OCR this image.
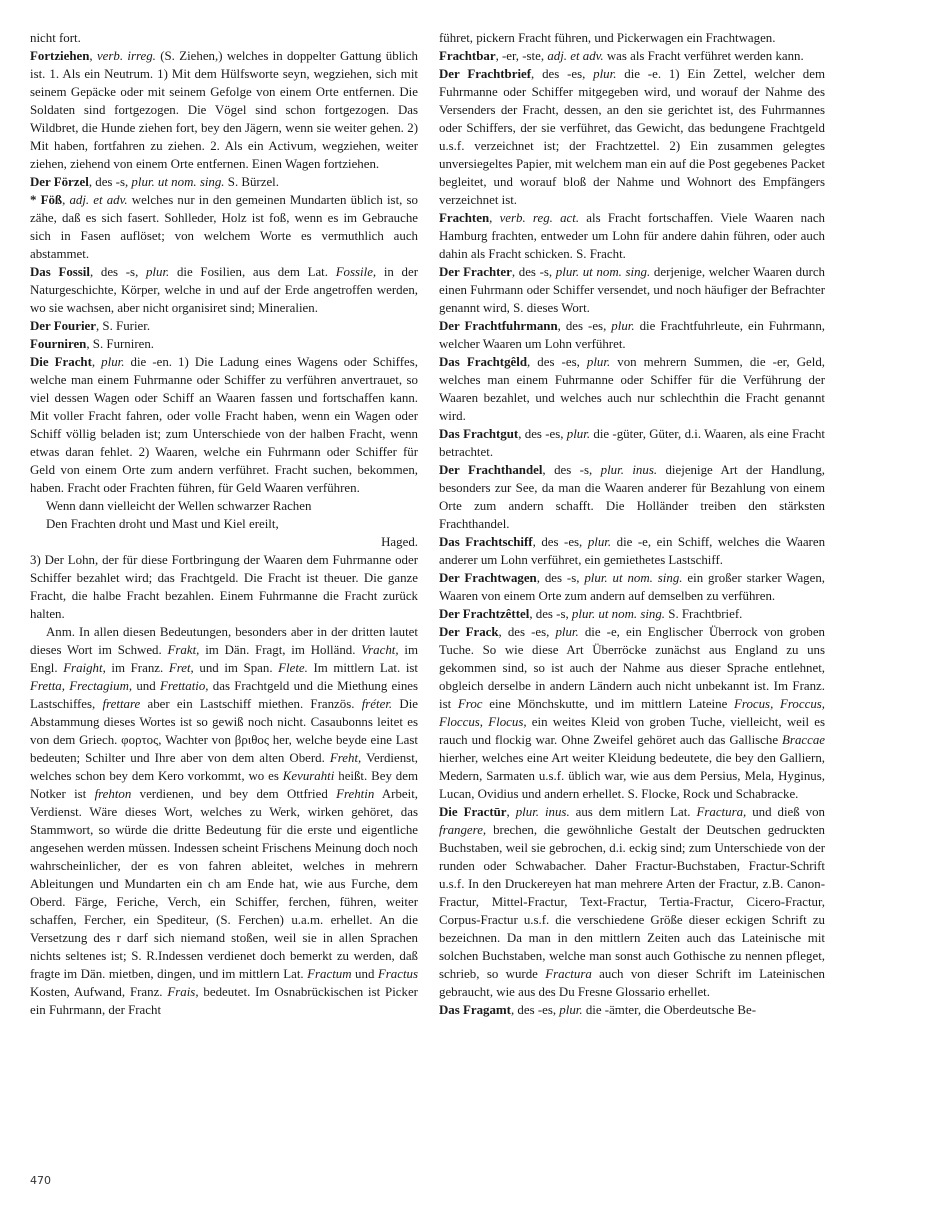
nicht fort.

Fortziehen, verb. irreg. (S. Ziehen,) welches in doppelter Gattung üblich ist. 1. Als ein Neutrum. 1) Mit dem Hülfsworte seyn, wegziehen, sich mit seinem Gepäcke oder mit seinem Gefolge von einem Orte entfernen. Die Soldaten sind fortgezogen. Die Vögel sind schon fortgezogen. Das Wildbret, die Hunde ziehen fort, bey den Jägern, wenn sie weiter gehen. 2) Mit haben, fortfahren zu ziehen. 2. Als ein Activum, wegziehen, weiter ziehen, ziehend von einem Orte entfernen. Einen Wagen fortziehen.

Der Förzel, des -s, plur. ut nom. sing. S. Bürzel.

* Föß, adj. et adv. welches nur in den gemeinen Mundarten üblich ist, so zähe, daß es sich fasert. Sohlleder, Holz ist foß, wenn es im Gebrauche sich in Fasen auflöset; von welchem Worte es vermuthlich auch abstammet.

Das Fossil, des -s, plur. die Fosilien, aus dem Lat. Fossile, in der Naturgeschichte, Körper, welche in und auf der Erde angetroffen werden, wo sie wachsen, aber nicht organisiret sind; Mineralien.

Der Fourier, S. Furier.

Fourniren, S. Furniren.

Die Fracht, plur. die -en. 1) Die Ladung eines Wagens oder Schiffes, welche man einem Fuhrmanne oder Schiffer zu verführen anvertrauet, so viel dessen Wagen oder Schiff an Waaren fassen und fortschaffen kann. Mit voller Fracht fahren, oder volle Fracht haben, wenn ein Wagen oder Schiff völlig beladen ist; zum Unterschiede von der halben Fracht, wenn etwas daran fehlet. 2) Waaren, welche ein Fuhrmann oder Schiffer für Geld von einem Orte zum andern verführet. Fracht suchen, bekommen, haben. Fracht oder Frachten führen, für Geld Waaren verführen.

Wenn dann vielleicht der Wellen schwarzer Rachen

Den Frachten droht und Mast und Kiel ereilt,

Haged.

3) Der Lohn, der für diese Fortbringung der Waaren dem Fuhrmanne oder Schiffer bezahlet wird; das Frachtgeld. Die Fracht ist theuer. Die ganze Fracht, die halbe Fracht bezahlen. Einem Fuhrmanne die Fracht zurück halten.

Anm. In allen diesen Bedeutungen, besonders aber in der dritten lautet dieses Wort im Schwed. Frakt, im Dän. Fragt, im Holländ. Vracht, im Engl. Fraight, im Franz. Fret, und im Span. Flete. Im mittlern Lat. ist Fretta, Frectagium, und Frettatio, das Frachtgeld und die Miethung eines Lastschiffes, frettare aber ein Lastschiff miethen. Französ. fréter. Die Abstammung dieses Wortes ist so gewiß noch nicht. Casaubonns leitet es von dem Griech. φορτος, Wachter von βριθος her, welche beyde eine Last bedeuten; Schilter und Ihre aber von dem alten Oberd. Freht, Verdienst, welches schon bey dem Kero vorkommt, wo es Kevurahti heißt. Bey dem Notker ist frehton verdienen, und bey dem Ottfried Frehtin Arbeit, Verdienst. Wäre dieses Wort, welches zu Werk, wirken gehöret, das Stammwort, so würde die dritte Bedeutung für die erste und eigentliche angesehen werden müssen. Indessen scheint Frischens Meinung doch noch wahrscheinlicher, der es von fahren ableitet, welches in mehrern Ableitungen und Mundarten ein ch am Ende hat, wie aus Furche, dem Oberd. Färge, Feriche, Verch, ein Schiffer, ferchen, führen, weiter schaffen, Fercher, ein Spediteur, (S. Ferchen) u.a.m. erhellet. An die Versetzung des r darf sich niemand stoßen, weil sie in allen Sprachen nichts seltenes ist; S. R.Indessen verdienet doch bemerkt zu werden, daß fragte im Dän. mietben, dingen, und im mittlern Lat. Fractum und Fractus Kosten, Aufwand, Franz. Frais, bedeutet. Im Osnabrückischen ist Picker ein Fuhrmann, der Fracht

führet, pickern Fracht führen, und Pickerwagen ein Frachtwagen.

Frachtbar, -er, -ste, adj. et adv. was als Fracht verführet werden kann.

Der Frachtbrief, des -es, plur. die -e. 1) Ein Zettel, welcher dem Fuhrmanne oder Schiffer mitgegeben wird, und worauf der Nahme des Versenders der Fracht, dessen, an den sie gerichtet ist, des Fuhrmannes oder Schiffers, der sie verführet, das Gewicht, das bedungene Frachtgeld u.s.f. verzeichnet ist; der Frachtzettel. 2) Ein zusammen gelegtes unversiegeltes Papier, mit welchem man ein auf die Post gegebenes Packet begleitet, und worauf bloß der Nahme und Wohnort des Empfängers verzeichnet ist.

Frachten, verb. reg. act. als Fracht fortschaffen. Viele Waaren nach Hamburg frachten, entweder um Lohn für andere dahin führen, oder auch dahin als Fracht schicken. S. Fracht.

Der Frachter, des -s, plur. ut nom. sing. derjenige, welcher Waaren durch einen Fuhrmann oder Schiffer versendet, und noch häufiger der Befrachter genannt wird, S. dieses Wort.

Der Frachtfuhrmann, des -es, plur. die Frachtfuhrleute, ein Fuhrmann, welcher Waaren um Lohn verführet.

Das Frachtgêld, des -es, plur. von mehrern Summen, die -er, Geld, welches man einem Fuhrmanne oder Schiffer für die Verführung der Waaren bezahlet, und welches auch nur schlechthin die Fracht genannt wird.

Das Frachtgut, des -es, plur. die -güter, Güter, d.i. Waaren, als eine Fracht betrachtet.

Der Frachthandel, des -s, plur. inus. diejenige Art der Handlung, besonders zur See, da man die Waaren anderer für Bezahlung von einem Orte zum andern schafft. Die Holländer treiben den stärksten Frachthandel.

Das Frachtschiff, des -es, plur. die -e, ein Schiff, welches die Waaren anderer um Lohn verführet, ein gemiethetes Lastschiff.

Der Frachtwagen, des -s, plur. ut nom. sing. ein großer starker Wagen, Waaren von einem Orte zum andern auf demselben zu verführen.

Der Frachtzêttel, des -s, plur. ut nom. sing. S. Frachtbrief.

Der Frack, des -es, plur. die -e, ein Englischer Überrock von groben Tuche. So wie diese Art Überröcke zunächst aus England zu uns gekommen sind, so ist auch der Nahme aus dieser Sprache entlehnet, obgleich derselbe in andern Ländern auch nicht unbekannt ist. Im Franz. ist Froc eine Mönchskutte, und im mittlern Lateine Frocus, Froccus, Floccus, Flocus, ein weites Kleid von groben Tuche, vielleicht, weil es rauch und flockig war. Ohne Zweifel gehöret auch das Gallische Braccae hierher, welches eine Art weiter Kleidung bedeutete, die bey den Galliern, Medern, Sarmaten u.s.f. üblich war, wie aus dem Persius, Mela, Hyginus, Lucan, Ovidius und andern erhellet. S. Flocke, Rock und Schabracke.

Die Fractūr, plur. inus. aus dem mitlern Lat. Fractura, und dieß von frangere, brechen, die gewöhnliche Gestalt der Deutschen gedruckten Buchstaben, weil sie gebrochen, d.i. eckig sind; zum Unterschiede von der runden oder Schwabacher. Daher Fractur-Buchstaben, Fractur-Schrift u.s.f. In den Druckereyen hat man mehrere Arten der Fractur, z.B. Canon-Fractur, Mittel-Fractur, Text-Fractur, Tertia-Fractur, Cicero-Fractur, Corpus-Fractur u.s.f. die verschiedene Größe dieser eckigen Schrift zu bezeichnen. Da man in den mittlern Zeiten auch das Lateinische mit solchen Buchstaben, welche man sonst auch Gothische zu nennen pfleget, schrieb, so wurde Fractura auch von dieser Schrift im Lateinischen gebraucht, wie aus des Du Fresne Glossario erhellet.

Das Fragamt, des -es, plur. die -ämter, die Oberdeutsche Be-

470
